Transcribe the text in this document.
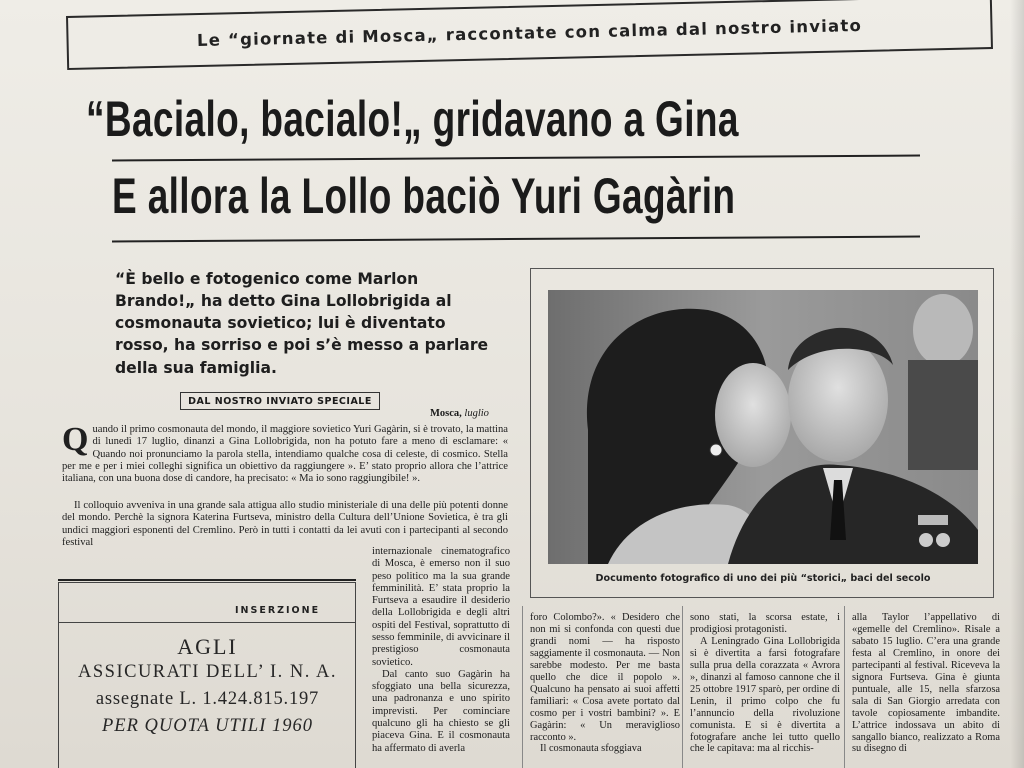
Le “giornate di Mosca„ raccontate con calma dal nostro inviato
“Bacialo, bacialo!„ gridavano a Gina
E allora la Lollo baciò Yuri Gagàrin
“È bello e fotogenico come Marlon Brando!„ ha detto Gina Lollobrigida al cosmonauta sovietico; lui è diventato rosso, ha sorriso e poi s’è messo a parlare della sua famiglia.
DAL NOSTRO INVIATO SPECIALE
Mosca, luglio
Quando il primo cosmonauta del mondo, il maggiore sovietico Yuri Gagàrin, si è trovato, la mattina di lunedì 17 luglio, dinanzi a Gina Lollobrigida, non ha potuto fare a meno di esclamare: « Quando noi pronunciamo la parola stella, intendiamo qualche cosa di celeste, di cosmico. Stella per me e per i miei colleghi significa un obiettivo da raggiungere ». E’ stato proprio allora che l’attrice italiana, con una buona dose di candore, ha precisato: « Ma io sono raggiungibile! ».
Il colloquio avveniva in una grande sala attigua allo studio ministeriale di una delle più potenti donne del mondo. Perchè la signora Katerina Furtseva, ministro della Cultura dell’Unione Sovietica, è tra gli undici maggiori esponenti del Cremlino. Però in tutti i contatti da lei avuti con i partecipanti al secondo festival

internazionale cinematografico di Mosca, è emerso non il suo peso politico ma la sua grande femminilità. E’ stata proprio la Furtseva a esaudire il desiderio della Lollobrigida e degli altri ospiti del Festival, soprattutto di sesso femminile, di avvicinare il prestigioso cosmonauta sovietico.

Dal canto suo Gagàrin ha sfoggiato una bella sicurezza, una padronanza e uno spirito imprevisti. Per cominciare qualcuno gli ha chiesto se gli piaceva Gina. E il cosmonauta ha affermato di averla

foro Colombo?». « Desidero che non mi si confonda con questi due grandi nomi — ha risposto saggiamente il cosmonauta. — Non sarebbe modesto. Per me basta quello che dice il popolo ». Qualcuno ha pensato ai suoi affetti familiari: « Cosa avete portato dal cosmo per i vostri bambini? ». E Gagàrin: « Un meraviglioso racconto ».

Il cosmonauta sfoggiava

sono stati, la scorsa estate, i prodigiosi protagonisti.

A Leningrado Gina Lollobrigida si è divertita a farsi fotografare sulla prua della corazzata « Avrora », dinanzi al famoso cannone che il 25 ottobre 1917 sparò, per ordine di Lenin, il primo colpo che fu l’annuncio della rivoluzione comunista. E si è divertita a fotografare anche lei tutto quello che le capitava: ma al ricchis-

alla Taylor l’appellativo di «gemelle del Cremlino». Risale a sabato 15 luglio. C’era una grande festa al Cremlino, in onore dei partecipanti al festival. Riceveva la signora Furtseva. Gina è giunta puntuale, alle 15, nella sfarzosa sala di San Giorgio arredata con tavole copiosamente imbandite. L’attrice indossava un abito di sangallo bianco, realizzato a Roma su disegno di

Documento fotografico di uno dei più “storici„ baci del secolo
INSERZIONE
AGLI
ASSICURATI DELL’ I. N. A.
assegnate L. 1.424.815.197
PER QUOTA UTILI 1960
